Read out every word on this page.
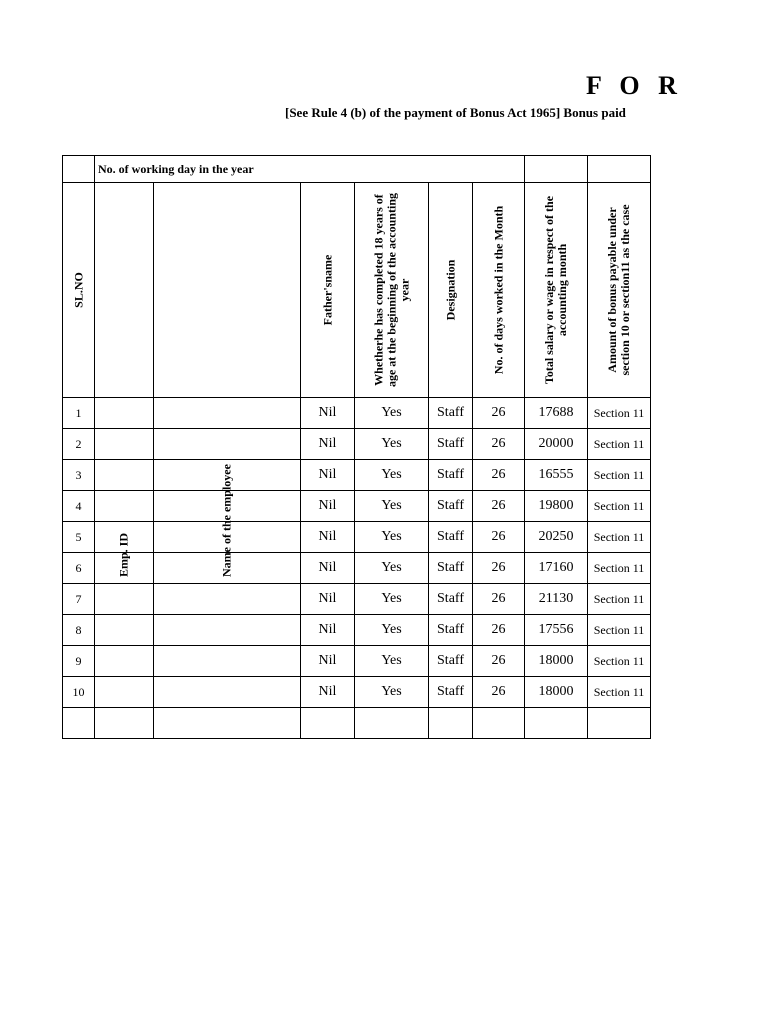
F O R
[See Rule 4 (b) of the payment of Bonus Act 1965] Bonus paid
	No. of working day in the year							

SL.NO	Emp. ID	Name of the employee	Father'sname	Whetherhe has completed 18 years of age at the beginning of the accounting year	Designation	No. of days worked in the Month	Total salary or wage in respect of the accounting month	Amount of bonus payable under section 10 or section11 as the case

1			Nil	Yes	Staff	26	17688	Section 11
2			Nil	Yes	Staff	26	20000	Section 11
3			Nil	Yes	Staff	26	16555	Section 11
4			Nil	Yes	Staff	26	19800	Section 11
5			Nil	Yes	Staff	26	20250	Section 11
6			Nil	Yes	Staff	26	17160	Section 11
7			Nil	Yes	Staff	26	21130	Section 11
8			Nil	Yes	Staff	26	17556	Section 11
9			Nil	Yes	Staff	26	18000	Section 11
10			Nil	Yes	Staff	26	18000	Section 11
